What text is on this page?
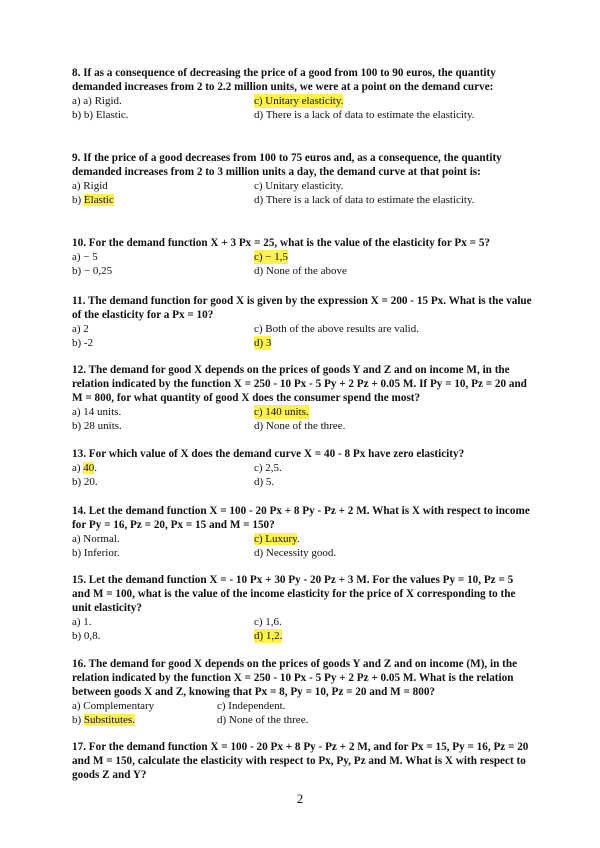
8. If as a consequence of decreasing the price of a good from 100 to 90 euros, the quantity demanded increases from 2 to 2.2 million units, we were at a point on the demand curve:

a) a) Rigid.	c) Unitary elasticity.
b) b) Elastic.	d) There is a lack of data to estimate the elasticity.

9. If the price of a good decreases from 100 to 75 euros and, as a consequence, the quantity demanded increases from 2 to 3 million units a day, the demand curve at that point is:

a) Rigid	c) Unitary elasticity.
b) Elastic	d) There is a lack of data to estimate the elasticity.

10. For the demand function X + 3 Px = 25, what is the value of the elasticity for Px = 5?

a) − 5	c) − 1,5
b) − 0,25	d) None of the above

11. The demand function for good X is given by the expression X = 200 - 15 Px. What is the value of the elasticity for a Px = 10?

a) 2	c) Both of the above results are valid.
b) -2	d) 3

12. The demand for good X depends on the prices of goods Y and Z and on income M, in the relation indicated by the function X = 250 - 10 Px - 5 Py + 2 Pz + 0.05 M. If Py = 10, Pz = 20 and M = 800, for what quantity of good X does the consumer spend the most?

a) 14 units.	c) 140 units.
b) 28 units.	d) None of the three.

13. For which value of X does the demand curve X = 40 - 8 Px have zero elasticity?

a) 40.	c) 2,5.
b) 20.	d) 5.

14. Let the demand function X = 100 - 20 Px + 8 Py - Pz + 2 M. What is X with respect to income for Py = 16, Pz = 20, Px = 15 and M = 150?

a) Normal.	c) Luxury.
b) Inferior.	d) Necessity good.

15. Let the demand function X = - 10 Px + 30 Py - 20 Pz + 3 M. For the values Py = 10, Pz = 5 and M = 100, what is the value of the income elasticity for the price of X corresponding to the unit elasticity?

a) 1.	c) 1,6.
b) 0,8.	d) 1,2.

16. The demand for good X depends on the prices of goods Y and Z and on income (M), in the relation indicated by the function X = 250 - 10 Px - 5 Py + 2 Pz + 0.05 M. What is the relation between goods X and Z, knowing that Px = 8, Py = 10, Pz = 20 and M = 800?

a) Complementary	c) Independent.
b) Substitutes.	d) None of the three.

17. For the demand function X = 100 - 20 Px + 8 Py - Pz + 2 M, and for Px = 15, Py = 16, Pz = 20 and M = 150, calculate the elasticity with respect to Px, Py, Pz and M. What is X with respect to goods Z and Y?

2
